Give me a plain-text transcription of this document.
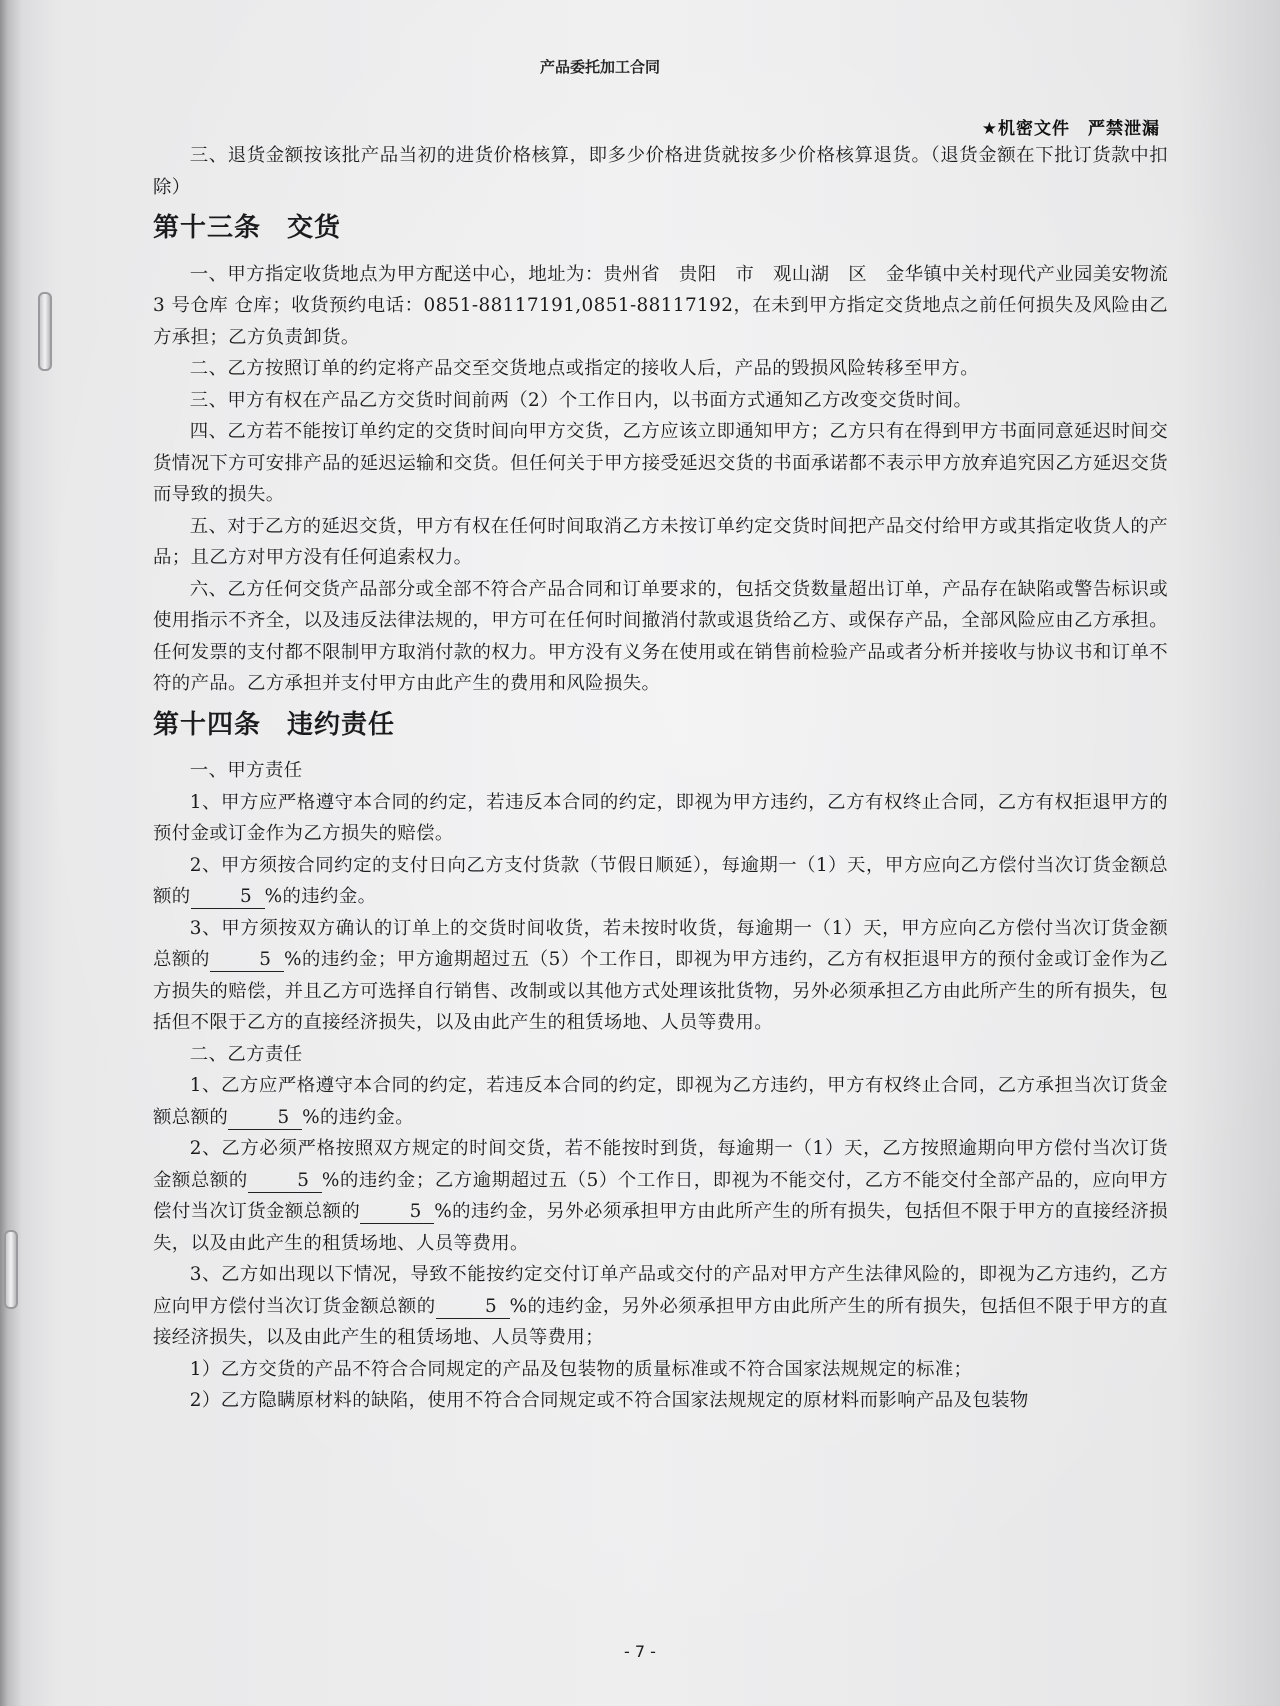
产品委托加工合同
★机密文件　严禁泄漏

三、退货金额按该批产品当初的进货价格核算，即多少价格进货就按多少价格核算退货。（退货金额在下批订货款中扣除）

第十三条 交货

一、甲方指定收货地点为甲方配送中心，地址为：贵州省　贵阳　市　观山湖　区　金华镇中关村现代产业园美安物流 3 号仓库 仓库；收货预约电话：0851-88117191,0851-88117192，在未到甲方指定交货地点之前任何损失及风险由乙方承担；乙方负责卸货。

二、乙方按照订单的约定将产品交至交货地点或指定的接收人后，产品的毁损风险转移至甲方。

三、甲方有权在产品乙方交货时间前两（2）个工作日内，以书面方式通知乙方改变交货时间。

四、乙方若不能按订单约定的交货时间向甲方交货，乙方应该立即通知甲方；乙方只有在得到甲方书面同意延迟时间交货情况下方可安排产品的延迟运输和交货。但任何关于甲方接受延迟交货的书面承诺都不表示甲方放弃追究因乙方延迟交货而导致的损失。

五、对于乙方的延迟交货，甲方有权在任何时间取消乙方未按订单约定交货时间把产品交付给甲方或其指定收货人的产品；且乙方对甲方没有任何追索权力。

六、乙方任何交货产品部分或全部不符合产品合同和订单要求的，包括交货数量超出订单，产品存在缺陷或警告标识或使用指示不齐全，以及违反法律法规的，甲方可在任何时间撤消付款或退货给乙方、或保存产品，全部风险应由乙方承担。任何发票的支付都不限制甲方取消付款的权力。甲方没有义务在使用或在销售前检验产品或者分析并接收与协议书和订单不符的产品。乙方承担并支付甲方由此产生的费用和风险损失。

第十四条 违约责任

一、甲方责任

1、甲方应严格遵守本合同的约定，若违反本合同的约定，即视为甲方违约，乙方有权终止合同，乙方有权拒退甲方的预付金或订金作为乙方损失的赔偿。

2、甲方须按合同约定的支付日向乙方支付货款（节假日顺延），每逾期一（1）天，甲方应向乙方偿付当次订货金额总额的	5 %的违约金。

3、甲方须按双方确认的订单上的交货时间收货，若未按时收货，每逾期一（1）天，甲方应向乙方偿付当次订货金额总额的	5 %的违约金；甲方逾期超过五（5）个工作日，即视为甲方违约，乙方有权拒退甲方的预付金或订金作为乙方损失的赔偿，并且乙方可选择自行销售、改制或以其他方式处理该批货物，另外必须承担乙方由此所产生的所有损失，包括但不限于乙方的直接经济损失，以及由此产生的租赁场地、人员等费用。

二、乙方责任

1、乙方应严格遵守本合同的约定，若违反本合同的约定，即视为乙方违约，甲方有权终止合同，乙方承担当次订货金额总额的	5 %的违约金。

2、乙方必须严格按照双方规定的时间交货，若不能按时到货，每逾期一（1）天，乙方按照逾期向甲方偿付当次订货金额总额的	5 %的违约金；乙方逾期超过五（5）个工作日，即视为不能交付，乙方不能交付全部产品的，应向甲方偿付当次订货金额总额的	5 %的违约金，另外必须承担甲方由此所产生的所有损失，包括但不限于甲方的直接经济损失，以及由此产生的租赁场地、人员等费用。

3、乙方如出现以下情况，导致不能按约定交付订单产品或交付的产品对甲方产生法律风险的，即视为乙方违约，乙方应向甲方偿付当次订货金额总额的	5 %的违约金，另外必须承担甲方由此所产生的所有损失，包括但不限于甲方的直接经济损失，以及由此产生的租赁场地、人员等费用；

1）乙方交货的产品不符合合同规定的产品及包装物的质量标准或不符合国家法规规定的标准；

2）乙方隐瞒原材料的缺陷，使用不符合合同规定或不符合国家法规规定的原材料而影响产品及包装物

- 7 -
